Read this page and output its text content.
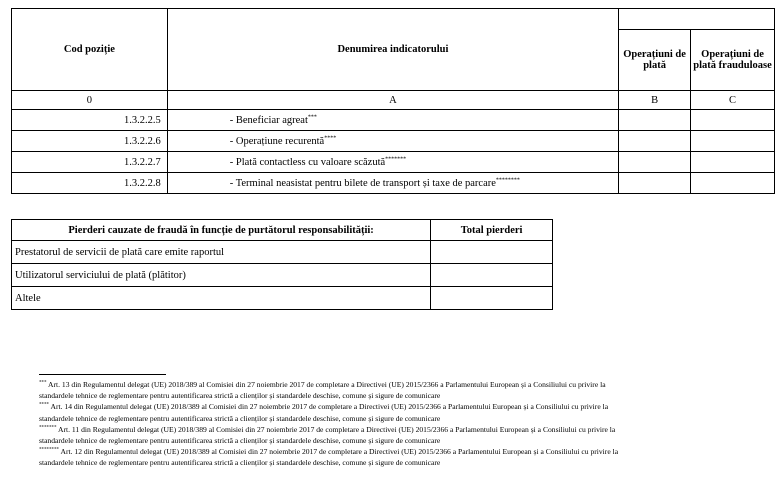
Cod poziție	Denumirea indicatorului		
		Operațiuni de plată	Operațiuni de plată frauduloase
0	A	B	C
1.3.2.2.5	- Beneficiar agreat***		
1.3.2.2.6	- Operațiune recurentă****		
1.3.2.2.7	- Plată contactless cu valoare scăzută*******		
1.3.2.2.8	- Terminal neasistat pentru bilete de transport și taxe de parcare********		
Pierderi cauzate de fraudă în funcție de purtătorul responsabilității:	Total pierderi
Prestatorul de servicii de plată care emite raportul	
Utilizatorul serviciului de plată (plătitor)	
Altele	

*** Art. 13 din Regulamentul delegat (UE) 2018/389 al Comisiei din 27 noiembrie 2017 de completare a Directivei (UE) 2015/2366 a Parlamentului European și a Consiliului cu privire la
standardele tehnice de reglementare pentru autentificarea strictă a clienților și standardele deschise, comune și sigure de comunicare

**** Art. 14 din Regulamentul delegat (UE) 2018/389 al Comisiei din 27 noiembrie 2017 de completare a Directivei (UE) 2015/2366 a Parlamentului European și a Consiliului cu privire la
standardele tehnice de reglementare pentru autentificarea strictă a clienților și standardele deschise, comune și sigure de comunicare

******* Art. 11 din Regulamentul delegat (UE) 2018/389 al Comisiei din 27 noiembrie 2017 de completare a Directivei (UE) 2015/2366 a Parlamentului European și a Consiliului cu privire la
standardele tehnice de reglementare pentru autentificarea strictă a clienților și standardele deschise, comune și sigure de comunicare

******** Art. 12 din Regulamentul delegat (UE) 2018/389 al Comisiei din 27 noiembrie 2017 de completare a Directivei (UE) 2015/2366 a Parlamentului European și a Consiliului cu privire la
standardele tehnice de reglementare pentru autentificarea strictă a clienților și standardele deschise, comune și sigure de comunicare
